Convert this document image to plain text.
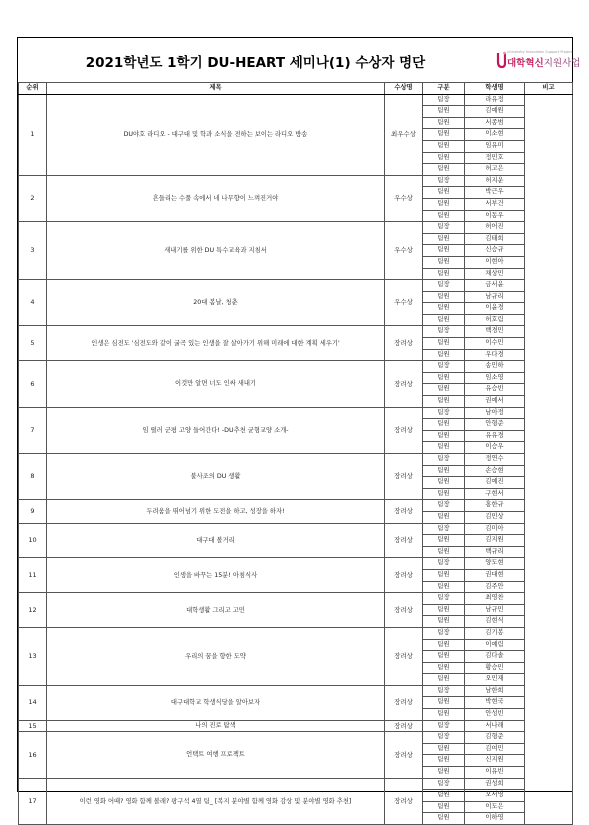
2021학년도 1학기 DU-HEART 세미나(1) 수상자 명단
University Innovation Support Project
대학혁신지원사업
순위	제목	수상명	구분	학생명	비고
1	DU야호 라디오 - 대구대 및 학과 소식을 전하는 보이는 라디오 방송	최우수상	팀장	라유정	
			팀원	김예원	
			팀원	서종범	
			팀원	이소현	
			팀원	임유미	
			팀원	정민호	
			팀원	허고은	
2	흔들리는 수풀 속에서 네 나무향이 느껴진거야	우수상	팀장	허지운	
			팀원	박근우	
			팀원	서부건	
			팀원	이동우	
3	새내기를 위한 DU 특수교육과 지침서	우수상	팀장	허어진	
			팀원	김태희	
			팀원	신승규	
			팀원	이현아	
			팀원	채상민	
4	20대 봄날, 청춘	우수상	팀장	금서윤	
			팀원	남규리	
			팀원	이윤경	
			팀원	허호림	
5	인생은 심전도 '심전도와 같이 굴곡 있는 인생을 잘 살아가기 위해 미래에 대한 계획 세우기'	장려상	팀장	백경민	
			팀원	이수민	
			팀원	우다경	
6	이것만 알면 너도 인싸 새내기	장려상	팀장	송민하	
			팀원	임소영	
			팀원	유승빈	
			팀원	권예서	
7	임 떨러 군평 고양 들어간다! -DU추천 균형교양 소개-	장려상	팀장	남아정	
			팀원	안형준	
			팀원	유유경	
			팀원	이승우	
8	불사조의 DU 생활	장려상	팀장	정연수	
			팀원	손승현	
			팀원	김예진	
			팀원	구현서	
9	두려움을 뛰어넘기 위한 도전을 하고, 성장을 하자!	장려상	팀장	홍한규	
			팀원	김민상	
10	대구대 볼거리	장려상	팀장	김미아	
			팀원	김지원	
			팀원	백규리	
11	인생을 바꾸는 15분! 아침식사	장려상	팀장	양도현	
			팀원	권대현	
			팀원	김주안	
12	대학생활 그리고 고민	장려상	팀장	최영찬	
			팀원	남규민	
			팀원	김현식	
13	우리의 꿈을 향한 도약	장려상	팀장	김기봉	
			팀원	이예림	
			팀원	김다솔	
			팀원	황승민	
			팀원	오민재	
14	대구대학교 학생식당을 알아보자	장려상	팀장	남한희	
			팀원	박현국	
			팀원	안성빈	
15	나의 진로 탐색	장려상	팀장	서나래	
16	언택트 여행 프로젝트	장려상	팀장	김형준	
			팀원	김여민	
			팀원	신지원	
			팀원	이유빈	
17	이런 영화 어때? 영화 함께 볼래? 팡구석 4열 팀_ [복지 분야별 함께 영화 감상 및 분야별 영화 추천]	장려상	팀장	권성희	
			팀원	오서영	
			팀원	이도은	
			팀원	이하영	
